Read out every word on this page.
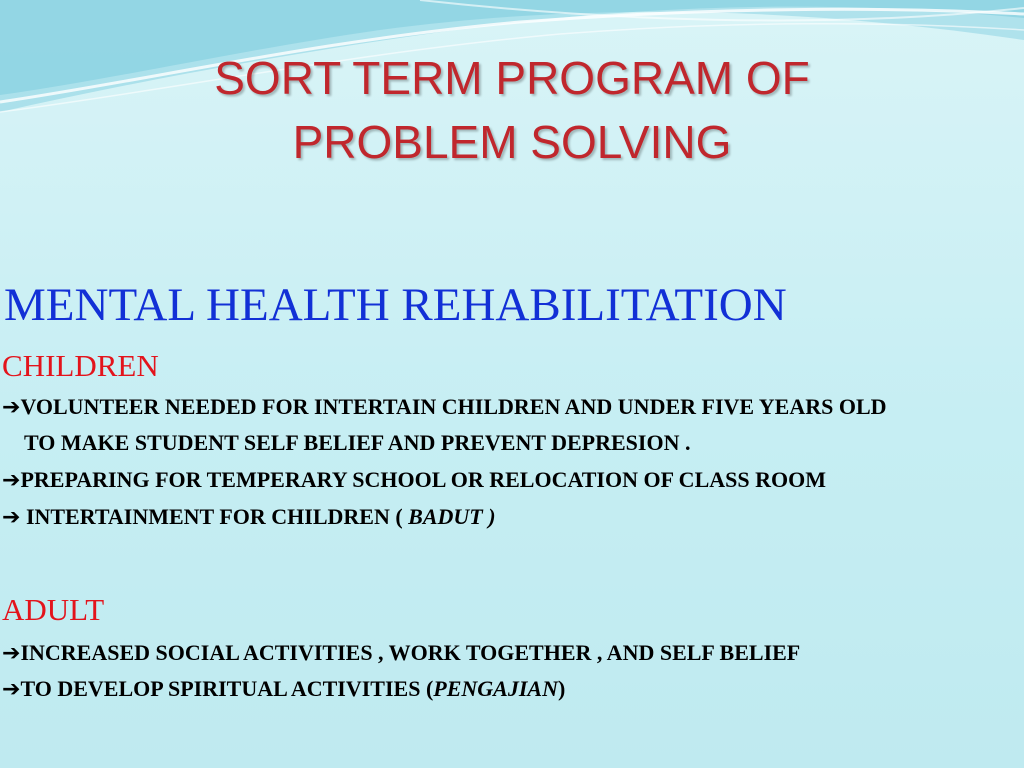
SORT TERM PROGRAM OF
PROBLEM SOLVING
MENTAL HEALTH REHABILITATION
CHILDREN
➔VOLUNTEER NEEDED FOR INTERTAIN CHILDREN AND UNDER FIVE YEARS OLD
TO MAKE STUDENT SELF BELIEF AND PREVENT DEPRESION .
➔PREPARING FOR TEMPERARY SCHOOL OR RELOCATION OF CLASS ROOM
➔ INTERTAINMENT FOR CHILDREN ( BADUT )
ADULT
➔INCREASED SOCIAL ACTIVITIES , WORK TOGETHER , AND SELF BELIEF
➔TO DEVELOP SPIRITUAL ACTIVITIES (PENGAJIAN)
